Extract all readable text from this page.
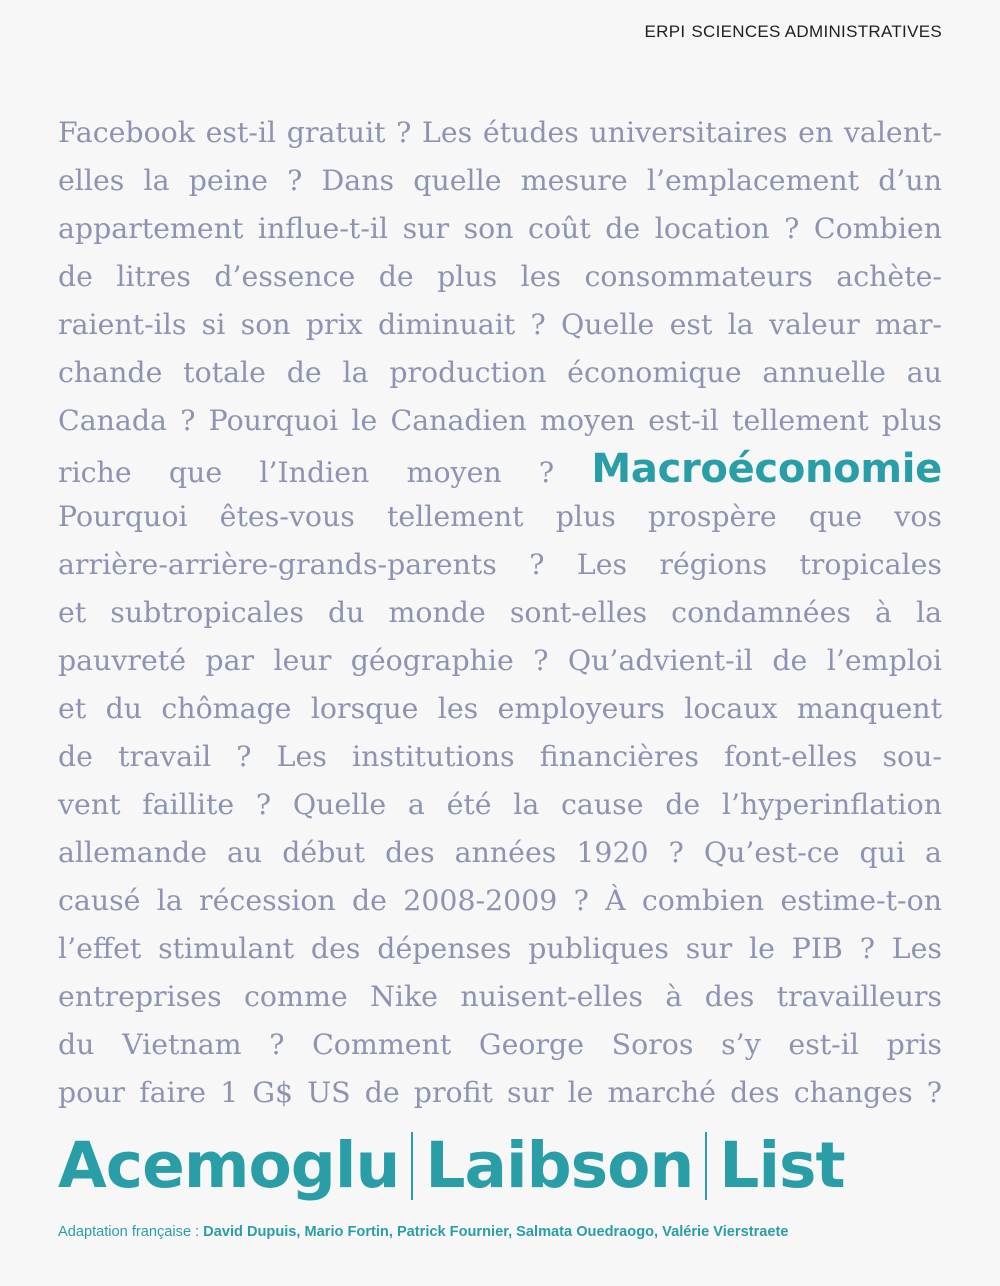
ERPI SCIENCES ADMINISTRATIVES
Facebook est-il gratuit ? Les études universitaires en valent-
elles la peine ? Dans quelle mesure l’emplacement d’un
appartement influe-t-il sur son coût de location ? Combien
de litres d’essence de plus les consommateurs achète-
raient-ils si son prix diminuait ? Quelle est la valeur mar-
chande totale de la production économique annuelle au
Canada ? Pourquoi le Canadien moyen est-il tellement plus
riche que l’Indien moyen ? Macroéconomie
Pourquoi êtes-vous tellement plus prospère que vos
arrière-arrière-grands-parents ? Les régions tropicales
et subtropicales du monde sont-elles condamnées à la
pauvreté par leur géographie ? Qu’advient-il de l’emploi
et du chômage lorsque les employeurs locaux manquent
de travail ? Les institutions financières font-elles sou-
vent faillite ? Quelle a été la cause de l’hyperinflation
allemande au début des années 1920 ? Qu’est-ce qui a
causé la récession de 2008-2009 ? À combien estime-t-on
l’effet stimulant des dépenses publiques sur le PIB ? Les
entreprises comme Nike nuisent-elles à des travailleurs
du Vietnam ? Comment George Soros s’y est-il pris
pour faire 1 G$ US de profit sur le marché des changes ?
Acemoglu Laibson List
Adaptation française : David Dupuis, Mario Fortin, Patrick Fournier, Salmata Ouedraogo, Valérie Vierstraete
